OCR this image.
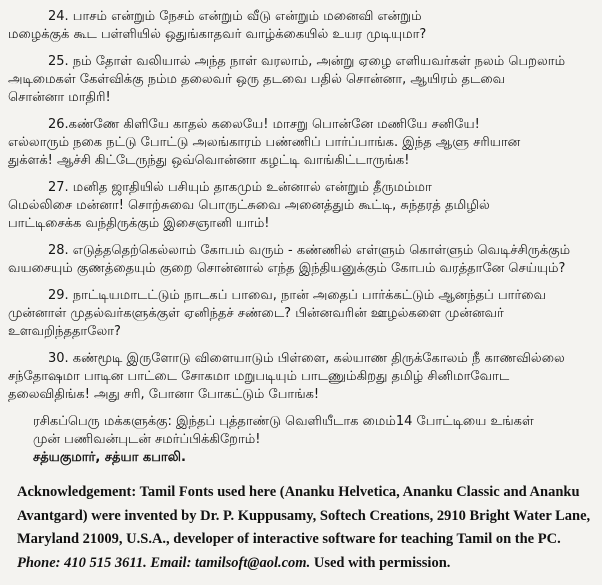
24. பாசம் என்றும் நேசம் என்றும் வீடு என்றும் மனைவி என்றும்
மழைக்குக் கூட பள்ளியில் ஒதுங்காதவர் வாழ்க்கையில் உயர முடியுமா?
25. நம் தோள் வலியால் அந்த நாள் வரலாம், அன்று ஏழை எளியவர்கள் நலம் பெறலாம்
அடிமைகள் கேள்விக்கு நம்ம தலைவர் ஒரு தடவை பதில் சொன்னா, ஆயிரம் தடவை
சொன்னா மாதிரி!
26.கண்ணே கிளியே காதல் கலையே! மாசறு பொன்னே மணியே சனியே!
எல்லாரும் நகை நட்டு போட்டு அலங்காரம் பண்ணிப் பார்ப்பாங்க. இந்த ஆளு சரியான
துக்ளக்! ஆச்சி கிட்டேருந்து ஒவ்வொன்னா கழட்டி வாங்கிட்டாருங்க!
27. மனித ஜாதியில் பசியும் தாகமும் உன்னால் என்றும் தீருமம்மா
மெல்லிசை மன்னா! சொற்சுவை பொருட்சுவை அனைத்தும் கூட்டி, சுந்தரத் தமிழில்
பாட்டிசைக்க வந்திருக்கும் இசைஞானி யாம்!
28. எடுத்ததெற்கெல்லாம் கோபம் வரும் - கண்ணில் எள்ளும் கொள்ளும் வெடிச்சிருக்கும்
வயசையும் குணத்தையும் குறை சொன்னால் எந்த இந்தியனுக்கும் கோபம் வரத்தானே செய்யும்?
29. நாட்டியமாடட்டும் நாடகப் பாவை, நான் அதைப் பார்க்கட்டும் ஆனந்தப் பார்வை
முன்னாள் முதல்வர்களுக்குள் ஏனிந்தச் சண்டை? பின்னவரின் ஊழல்களை முன்னவர்
உளவறிந்ததாலோ?
30. கண்மூடி இருளோடு விளையாடும் பிள்ளை, கல்யாண திருக்கோலம் நீ காணவில்லை
சந்தோஷமா பாடின பாட்டை சோகமா மறுபடியும் பாடணும்கிறது தமிழ் சினிமாவோட
தலைவிதிங்க! அது சரி, போனா போகட்டும் போங்க!
ரசிகப்பெரு மக்களுக்கு: இந்தப் புத்தாண்டு வெளியீடாக மைம்14 போட்டியை உங்கள்
முன் பணிவன்புடன் சமர்ப்பிக்கிறோம்!
சத்யகுமார், சத்யா கபாலி.
Acknowledgement: Tamil Fonts used here (Ananku Helvetica, Ananku Classic and Ananku Avantgard) were invented by Dr. P. Kuppusamy, Softech Creations, 2910 Bright Water Lane, Maryland 21009, U.S.A., developer of interactive software for teaching Tamil on the PC.
Phone: 410 515 3611. Email: tamilsoft@aol.com. Used with permission.
